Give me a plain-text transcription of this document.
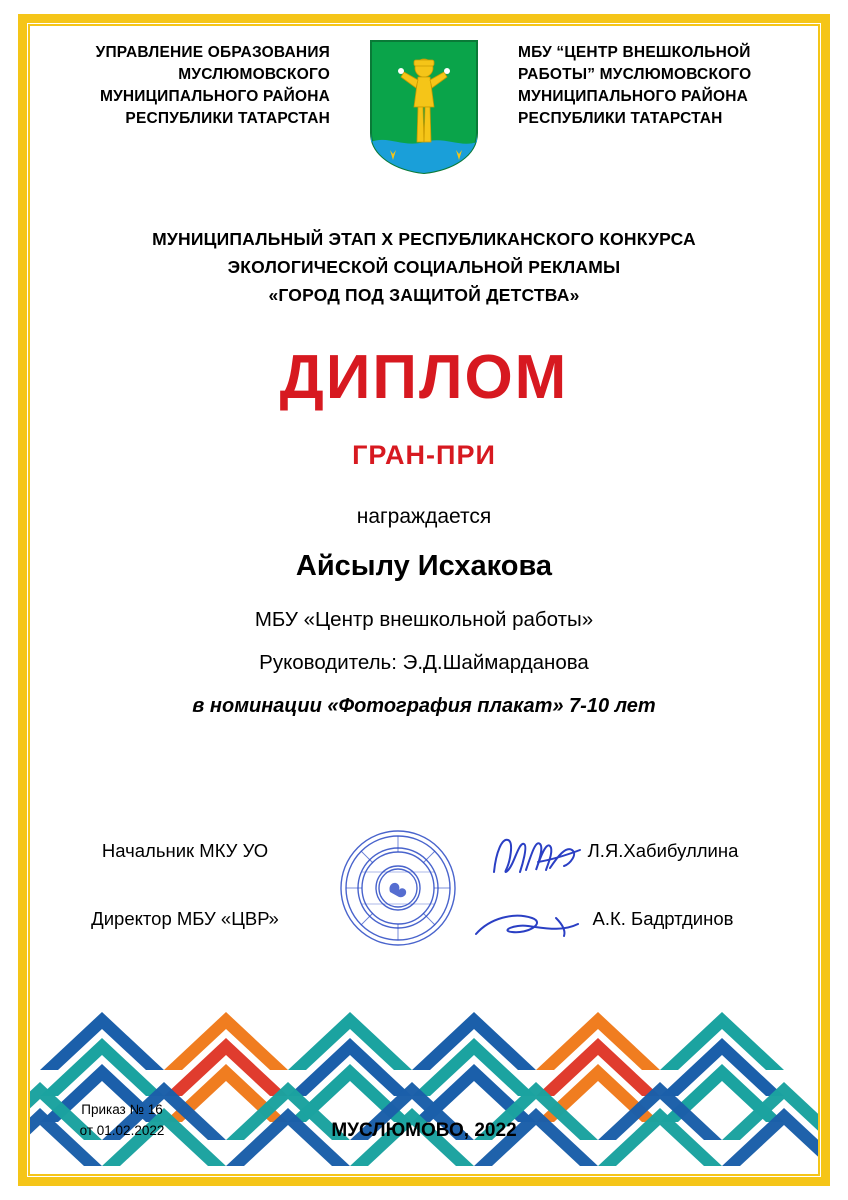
УПРАВЛЕНИЕ ОБРАЗОВАНИЯ
МУСЛЮМОВСКОГО
МУНИЦИПАЛЬНОГО РАЙОНА
РЕСПУБЛИКИ ТАТАРСТАН
МБУ “ЦЕНТР ВНЕШКОЛЬНОЙ
РАБОТЫ” МУСЛЮМОВСКОГО
МУНИЦИПАЛЬНОГО РАЙОНА
РЕСПУБЛИКИ ТАТАРСТАН
МУНИЦИПАЛЬНЫЙ ЭТАП X РЕСПУБЛИКАНСКОГО КОНКУРСА
ЭКОЛОГИЧЕСКОЙ СОЦИАЛЬНОЙ РЕКЛАМЫ
«ГОРОД ПОД ЗАЩИТОЙ ДЕТСТВА»
ДИПЛОМ
ГРАН-ПРИ
награждается
Айсылу Исхакова
МБУ «Центр внешкольной работы»
Руководитель: Э.Д.Шаймарданова
в номинации «Фотография плакат» 7-10 лет
Начальник МКУ УО	Л.Я.Хабибуллина
Директор МБУ «ЦВР»	А.К. Бадртдинов
Приказ № 16
от 01.02.2022	МУСЛЮМОВО, 2022
